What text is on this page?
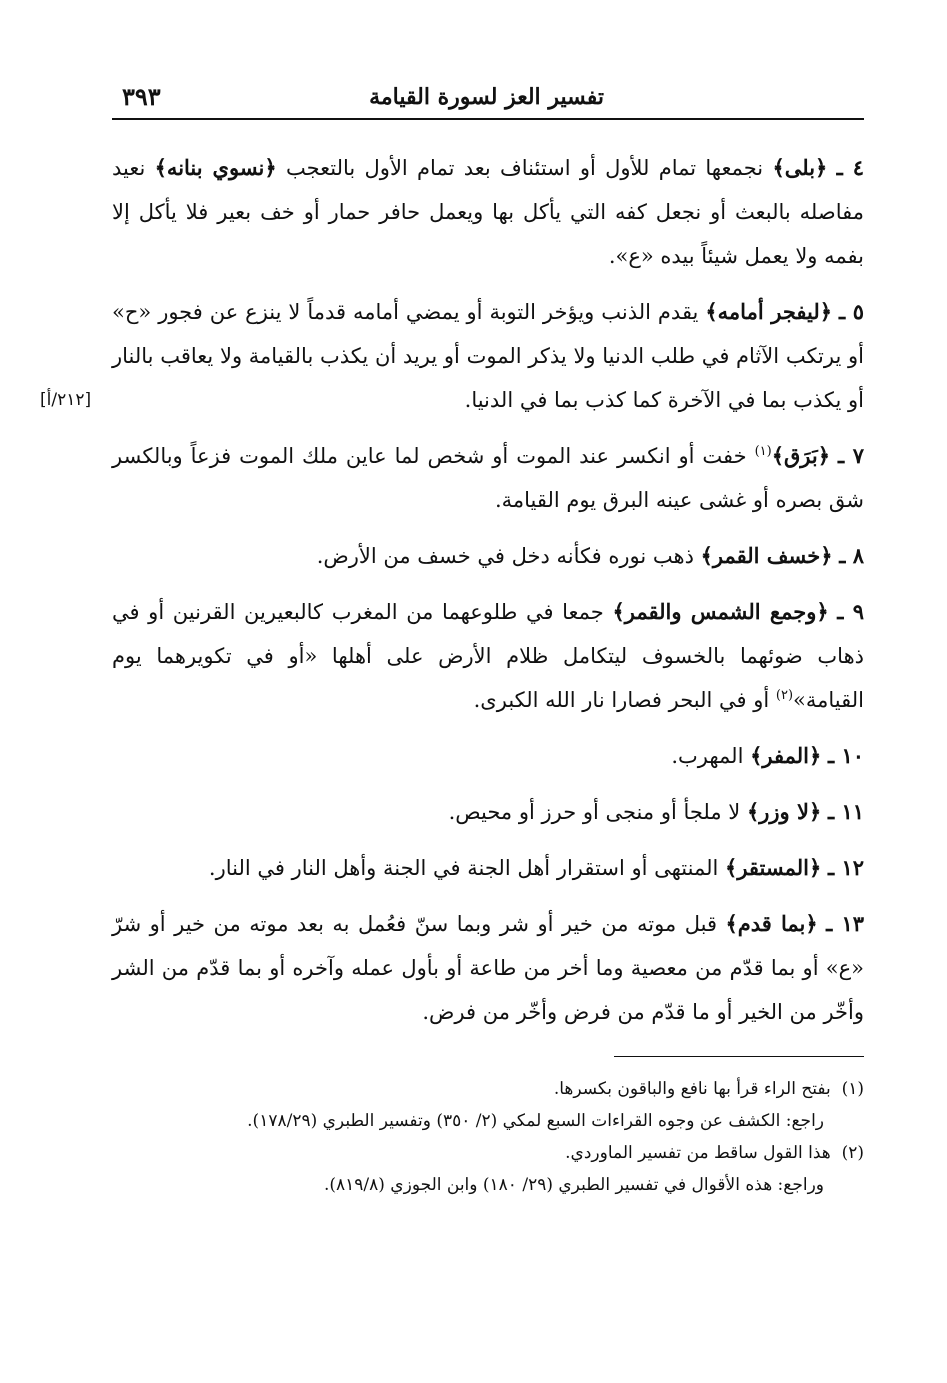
تفسير العز لسورة القيامة
٣٩٣

٤ ـ ﴿بلى﴾ نجمعها تمام للأول أو استئناف بعد تمام الأول بالتعجب ﴿نسوي بنانه﴾ نعيد مفاصله بالبعث أو نجعل كفه التي يأكل بها ويعمل حافر حمار أو خف بعير فلا يأكل إلا بفمه ولا يعمل شيئاً بيده «ع».

٥ ـ ﴿ليفجر أمامه﴾ يقدم الذنب ويؤخر التوبة أو يمضي أمامه قدماً لا ينزع عن فجور «ح» أو يرتكب الآثام في طلب الدنيا ولا يذكر الموت أو يريد أن يكذب بالقيامة ولا يعاقب بالنار أو يكذب بما في الآخرة كما كذب بما في الدنيا.
[٢١٢/أ]

٧ ـ ﴿بَرَق﴾$^{(١)}$ خفت أو انكسر عند الموت أو شخص لما عاين ملك الموت فزعاً وبالكسر شق بصره أو غشى عينه البرق يوم القيامة.

٨ ـ ﴿خسف القمر﴾ ذهب نوره فكأنه دخل في خسف من الأرض.

٩ ـ ﴿وجمع الشمس والقمر﴾ جمعا في طلوعهما من المغرب كالبعيرين القرنين أو في ذهاب ضوئهما بالخسوف ليتكامل ظلام الأرض على أهلها «أو في تكويرهما يوم القيامة»$^{(٢)}$ أو في البحر فصارا نار الله الكبرى.

١٠ ـ ﴿المفر﴾ المهرب.

١١ ـ ﴿لا وزر﴾ لا ملجأ أو منجى أو حرز أو محيص.

١٢ ـ ﴿المستقر﴾ المنتهى أو استقرار أهل الجنة في الجنة وأهل النار في النار.

١٣ ـ ﴿بما قدم﴾ قبل موته من خير أو شر وبما سنّ فعُمل به بعد موته من خير أو شرّ «ع» أو بما قدّم من معصية وما أخر من طاعة أو بأول عمله وآخره أو بما قدّم من الشر وأخّر من الخير أو ما قدّم من فرض وأخّر من فرض.

(١)  بفتح الراء قرأ بها نافع والباقون بكسرها.

راجع: الكشف عن وجوه القراءات السبع لمكي (٢/ ٣٥٠) وتفسير الطبري (١٧٨/٢٩).

(٢)  هذا القول ساقط من تفسير الماوردي.

وراجع: هذه الأقوال في تفسير الطبري (٢٩/ ١٨٠) وابن الجوزي (٨١٩/٨).
